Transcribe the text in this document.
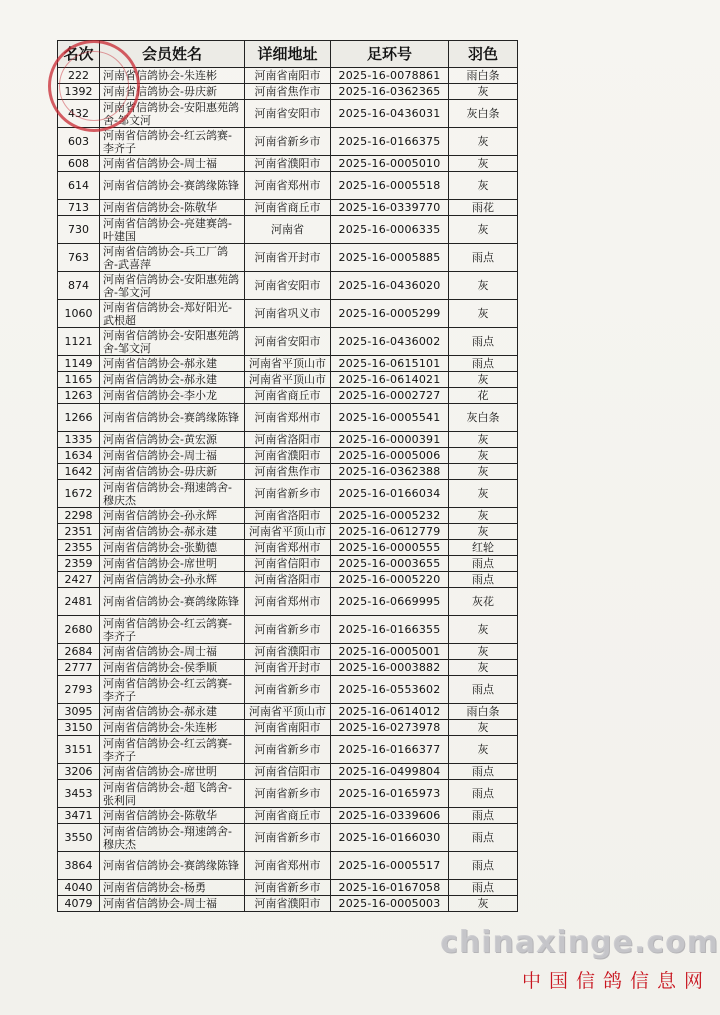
名次	会员姓名	详细地址	足环号	羽色
222	河南省信鸽协会-朱连彬	河南省南阳市	2025-16-0078861	雨白条
1392	河南省信鸽协会-毋庆新	河南省焦作市	2025-16-0362365	灰
432	河南省信鸽协会-安阳惠苑鸽舍-邹文河	河南省安阳市	2025-16-0436031	灰白条
603	河南省信鸽协会-红云鸽赛-李齐子	河南省新乡市	2025-16-0166375	灰
608	河南省信鸽协会-周士福	河南省濮阳市	2025-16-0005010	灰
614	河南省信鸽协会-赛鸽缘陈锋	河南省郑州市	2025-16-0005518	灰
713	河南省信鸽协会-陈敬华	河南省商丘市	2025-16-0339770	雨花
730	河南省信鸽协会-亮建赛鸽-叶建国	河南省	2025-16-0006335	灰
763	河南省信鸽协会-兵工厂鸽舍-武喜萍	河南省开封市	2025-16-0005885	雨点
874	河南省信鸽协会-安阳惠苑鸽舍-邹文河	河南省安阳市	2025-16-0436020	灰
1060	河南省信鸽协会-郑好阳光-武根超	河南省巩义市	2025-16-0005299	灰
1121	河南省信鸽协会-安阳惠苑鸽舍-邹文河	河南省安阳市	2025-16-0436002	雨点
1149	河南省信鸽协会-郝永建	河南省平顶山市	2025-16-0615101	雨点
1165	河南省信鸽协会-郝永建	河南省平顶山市	2025-16-0614021	灰
1263	河南省信鸽协会-李小龙	河南省商丘市	2025-16-0002727	花
1266	河南省信鸽协会-赛鸽缘陈锋	河南省郑州市	2025-16-0005541	灰白条
1335	河南省信鸽协会-黄宏源	河南省洛阳市	2025-16-0000391	灰
1634	河南省信鸽协会-周士福	河南省濮阳市	2025-16-0005006	灰
1642	河南省信鸽协会-毋庆新	河南省焦作市	2025-16-0362388	灰
1672	河南省信鸽协会-翔速鸽舍-穆庆杰	河南省新乡市	2025-16-0166034	灰
2298	河南省信鸽协会-孙永辉	河南省洛阳市	2025-16-0005232	灰
2351	河南省信鸽协会-郝永建	河南省平顶山市	2025-16-0612779	灰
2355	河南省信鸽协会-张勤德	河南省郑州市	2025-16-0000555	红轮
2359	河南省信鸽协会-席世明	河南省信阳市	2025-16-0003655	雨点
2427	河南省信鸽协会-孙永辉	河南省洛阳市	2025-16-0005220	雨点
2481	河南省信鸽协会-赛鸽缘陈锋	河南省郑州市	2025-16-0669995	灰花
2680	河南省信鸽协会-红云鸽赛-李齐子	河南省新乡市	2025-16-0166355	灰
2684	河南省信鸽协会-周士福	河南省濮阳市	2025-16-0005001	灰
2777	河南省信鸽协会-侯季顺	河南省开封市	2025-16-0003882	灰
2793	河南省信鸽协会-红云鸽赛-李齐子	河南省新乡市	2025-16-0553602	雨点
3095	河南省信鸽协会-郝永建	河南省平顶山市	2025-16-0614012	雨白条
3150	河南省信鸽协会-朱连彬	河南省南阳市	2025-16-0273978	灰
3151	河南省信鸽协会-红云鸽赛-李齐子	河南省新乡市	2025-16-0166377	灰
3206	河南省信鸽协会-席世明	河南省信阳市	2025-16-0499804	雨点
3453	河南省信鸽协会-超飞鸽舍-张利同	河南省新乡市	2025-16-0165973	雨点
3471	河南省信鸽协会-陈敬华	河南省商丘市	2025-16-0339606	雨点
3550	河南省信鸽协会-翔速鸽舍-穆庆杰	河南省新乡市	2025-16-0166030	雨点
3864	河南省信鸽协会-赛鸽缘陈锋	河南省郑州市	2025-16-0005517	雨点
4040	河南省信鸽协会-杨勇	河南省新乡市	2025-16-0167058	雨点
4079	河南省信鸽协会-周士福	河南省濮阳市	2025-16-0005003	灰
chinaxinge.com
中国信鸽信息网
